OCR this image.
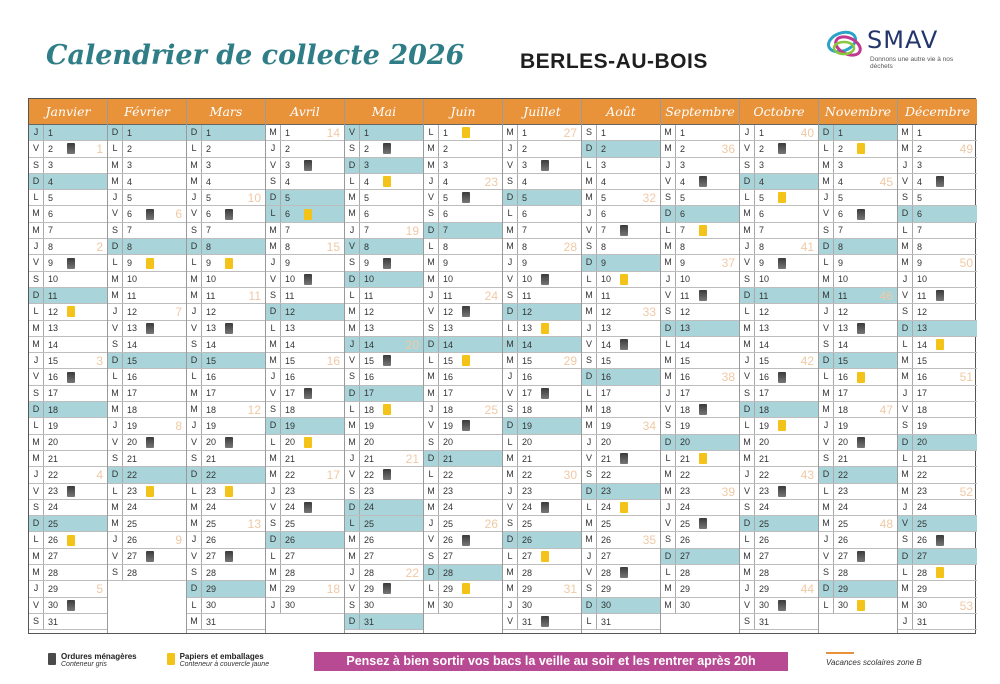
Calendrier de collecte 2026	BERLES-AU-BOIS
SMAV
Donnons une autre vie à nos déchets
Janvier
J	1
V	2	1
S	3
D 4
L	5
M 6
M 7
J	8	2
V	9
S	10
D 11
L	12
M 13
M 14
J	15	3
V	16
S	17
D 18
L	19
M 20
M 21
J	22	4
V	23
S	24
D 25
L	26
M 27
M 28
J	29	5
V	30
S	31
Février
D 1
L	2
M 3
M 4
J	5
V	6	6
S	7
D 8
L	9
M 10
M 11
J	12	7
V	13
S	14
D 15
L	16
M 17
M 18
J	19	8
V	20
S	21
D 22
L	23
M 24
M 25
J	26	9
V	27
S	28
Mars
D 1
L	2
M 3
M 4
J	5	10
V	6
S	7
D 8
L	9
M 10
M 11	11
J	12
V	13
S	14
D 15
L	16
M 17
M 18	12
J	19
V	20
S	21
D 22
L	23
M 24
M 25	13
J	26
V	27
S	28
D 29
L	30
M 31
Avril
M 1	14
J	2
V	3
S	4
D 5
L	6
M 7
M 8	15
J	9
V	10
S	11
D 12
L	13
M 14
M 15	16
J	16
V	17
S	18
D 19
L	20
M 21
M 22	17
J	23
V	24
S	25
D 26
L	27
M 28
M 29	18
J	30
Mai
V	1
S	2
D 3
L	4
M 5
M 6
J	7	19
V	8
S	9
D 10
L	11
M 12
M 13
J	14	20
V	15
S	16
D 17
L	18
M 19
M 20
J	21	21
V	22
S	23
D 24
L	25
M 26
M 27
J	28	22
V	29
S	30
D 31
Juin
L	1
M 2
M 3
J	4	23
V	5
S	6
D 7
L	8
M 9
M 10
J	11	24
V	12
S	13
D 14
L	15
M 16
M 17
J	18	25
V	19
S	20
D 21
L	22
M 23
M 24
J	25	26
V	26
S	27
D 28
L	29
M 30
Juillet
M 1	27
J	2
V	3
S	4
D 5
L	6
M 7
M 8	28
J	9
V	10
S	11
D 12
L	13
M 14
M 15	29
J	16
V	17
S	18
D 19
L	20
M 21
M 22	30
J	23
V	24
S	25
D 26
L	27
M 28
M 29	31
J	30
V	31
Août
S	1
D 2
L	3
M 4
M 5	32
J	6
V	7
S	8
D 9
L	10
M 11
M 12	33
J	13
V	14
S	15
D 16
L	17
M 18
M 19	34
J	20
V	21
S	22
D 23
L	24
M 25
M 26	35
J	27
V	28
S	29
D 30
L	31
Septembre
M 1
M 2	36
J	3
V	4
S	5
D 6
L	7
M 8
M 9	37
J	10
V	11
S	12
D 13
L	14
M 15
M 16	38
J	17
V	18
S	19
D 20
L	21
M 22
M 23	39
J	24
V	25
S	26
D 27
L	28
M 29
M 30
Octobre
J	1	40
V	2
S	3
D 4
L	5
M 6
M 7
J	8	41
V	9
S	10
D 11
L	12
M 13
M 14
J	15	42
V	16
S	17
D 18
L	19
M 20
M 21
J	22	43
V	23
S	24
D 25
L	26
M 27
M 28
J	29	44
V	30
S	31
Novembre
D 1
L	2
M 3
M 4	45
J	5
V	6
S	7
D 8
L	9
M 10
M 11	46
J	12
V	13
S	14
D 15
L	16
M 17
M 18	47
J	19
V	20
S	21
D 22
L	23
M 24
M 25	48
J	26
V	27
S	28
D 29
L	30
Décembre
M 1
M 2	49
J	3
V	4
S	5
D 6
L	7
M 8
M 9	50
J	10
V	11
S	12
D 13
L	14
M 15
M 16	51
J	17
V	18
S	19
D 20
L	21
M 22
M 23	52
J	24
V	25
S	26
D 27
L	28
M 29
M 30	53
J	31
Ordures ménagères
Conteneur gris
Papiers et emballages
Conteneur à couvercle jaune	Pensez à bien sortir vos bacs la veille au soir et les rentrer après 20h	Vacances scolaires zone B
